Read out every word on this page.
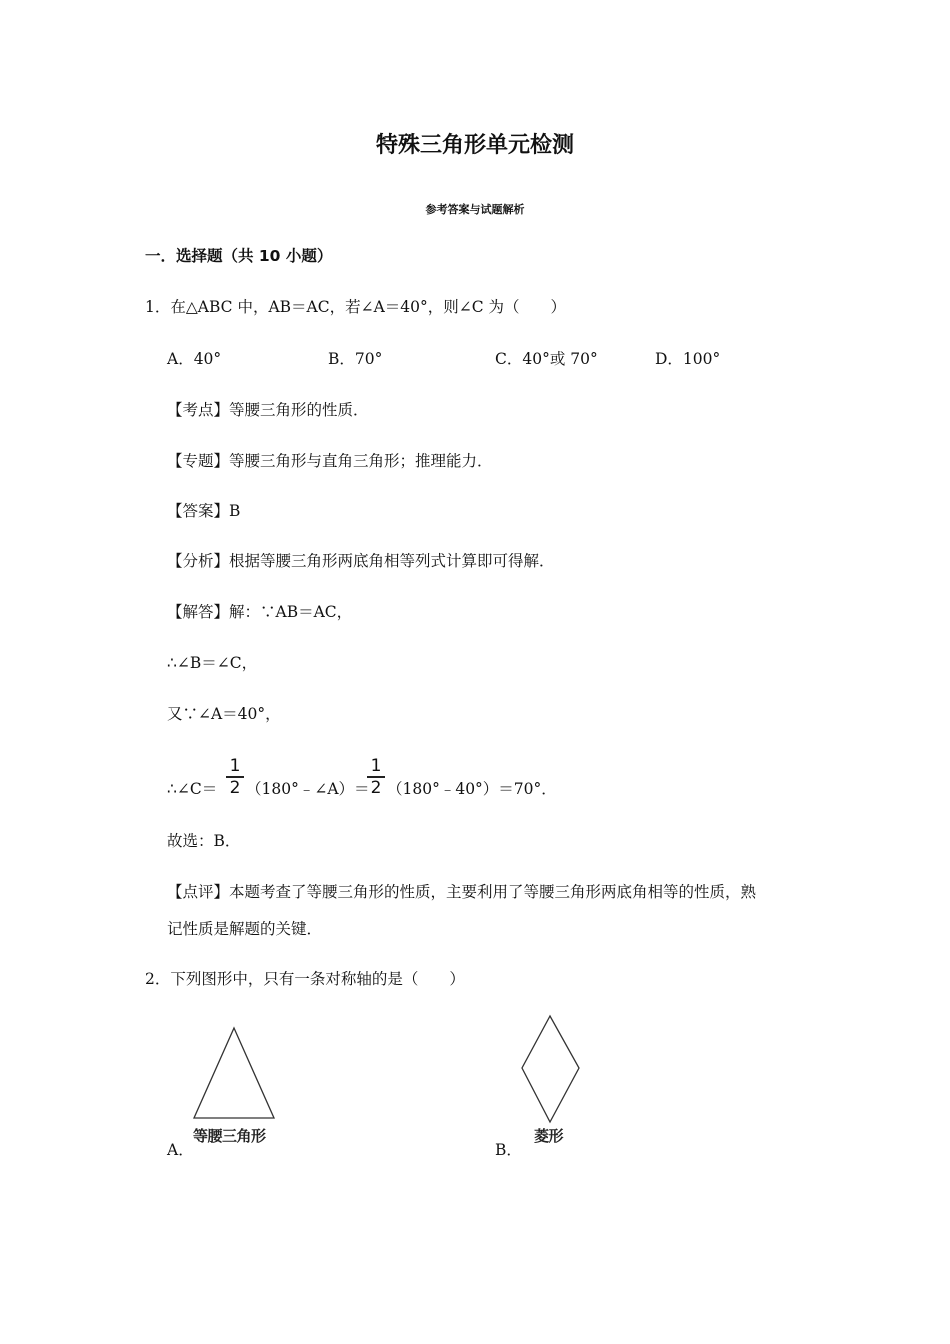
特殊三角形单元检测
参考答案与试题解析
一．选择题（共 10 小题）
1．在△ABC 中，AB＝AC，若∠A＝40°，则∠C 为（　　）
A．40°	B．70°	C．40°或 70°	D．100°
【考点】等腰三角形的性质．
【专题】等腰三角形与直角三角形；推理能力．
【答案】B
【分析】根据等腰三角形两底角相等列式计算即可得解．
【解答】解：∵AB＝AC，
∴∠B＝∠C，
又∵∠A＝40°，
∴∠C＝
1
2 （180°﹣∠A）＝
1
2 （180°﹣40°）＝70°．
故选：B．
【点评】本题考查了等腰三角形的性质，主要利用了等腰三角形两底角相等的性质，熟
记性质是解题的关键．
2．下列图形中，只有一条对称轴的是（　　）
等腰三角形
A．
菱形
B．
